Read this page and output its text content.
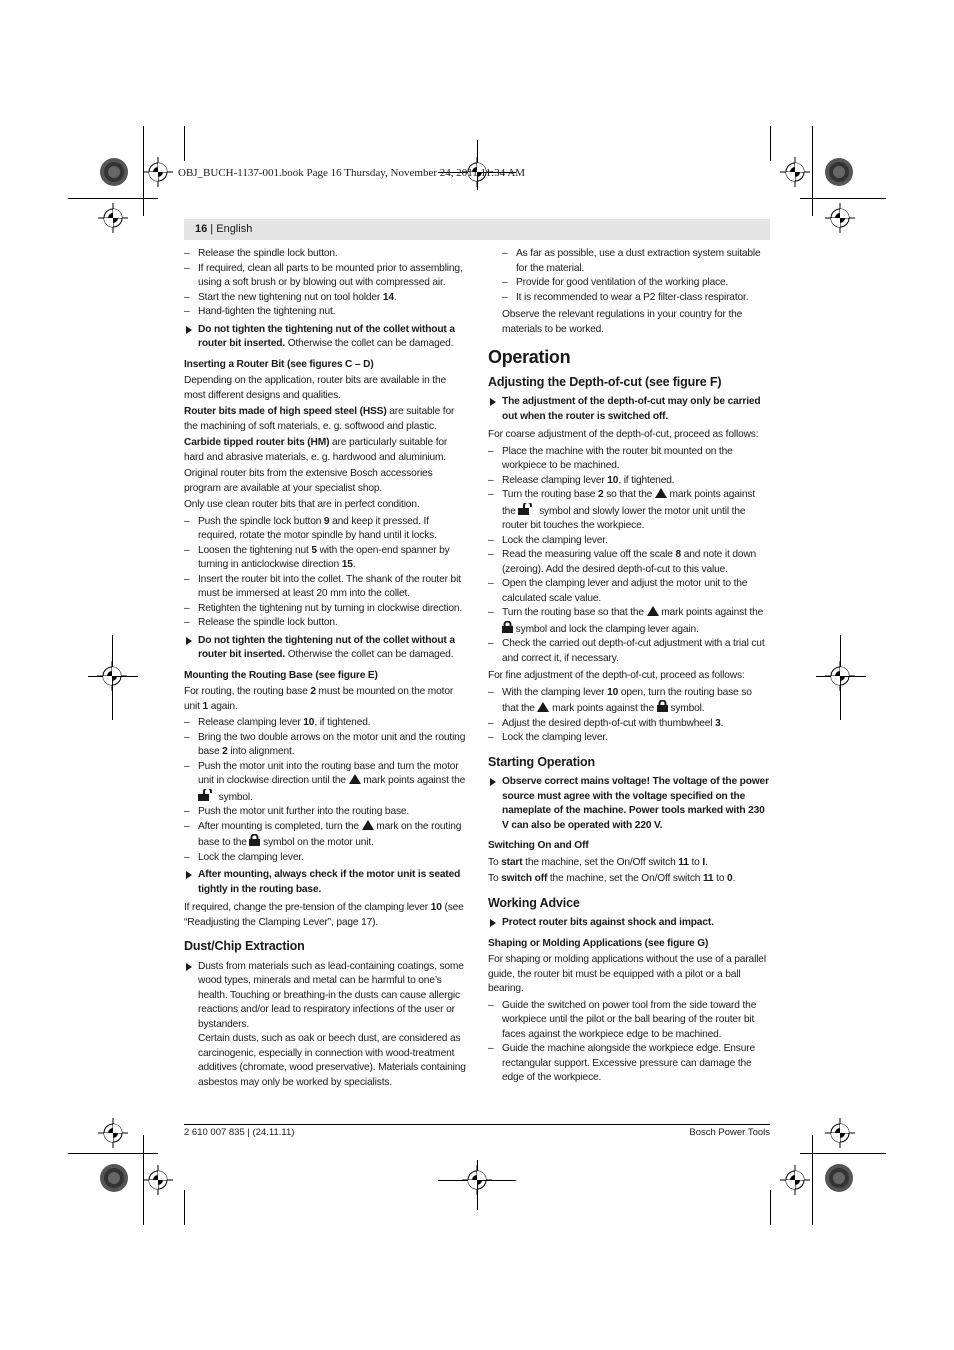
OBJ_BUCH-1137-001.book Page 16 Thursday, November 24, 2011 11:34 AM
16 | English
– Release the spindle lock button.
– If required, clean all parts to be mounted prior to assembling, using a soft brush or by blowing out with compressed air.
– Start the new tightening nut on tool holder 14.
– Hand-tighten the tightening nut.
Do not tighten the tightening nut of the collet without a router bit inserted. Otherwise the collet can be damaged.
Inserting a Router Bit (see figures C – D)

Depending on the application, router bits are available in the most different designs and qualities.

Router bits made of high speed steel (HSS) are suitable for the machining of soft materials, e. g. softwood and plastic.

Carbide tipped router bits (HM) are particularly suitable for hard and abrasive materials, e. g. hardwood and aluminium.

Original router bits from the extensive Bosch accessories program are available at your specialist shop.

Only use clean router bits that are in perfect condition.

– Push the spindle lock button 9 and keep it pressed. If required, rotate the motor spindle by hand until it locks.
– Loosen the tightening nut 5 with the open-end spanner by turning in anticlockwise direction 15.
– Insert the router bit into the collet. The shank of the router bit must be immersed at least 20 mm into the collet.
– Retighten the tightening nut by turning in clockwise direction.
– Release the spindle lock button.
Do not tighten the tightening nut of the collet without a router bit inserted. Otherwise the collet can be damaged.
Mounting the Routing Base (see figure E)

For routing, the routing base 2 must be mounted on the motor unit 1 again.

– Release clamping lever 10, if tightened.
– Bring the two double arrows on the motor unit and the routing base 2 into alignment.
– Push the motor unit into the routing base and turn the motor unit in clockwise direction until the  mark points against the  symbol.
– Push the motor unit further into the routing base.
– After mounting is completed, turn the  mark on the routing base to the  symbol on the motor unit.
– Lock the clamping lever.
After mounting, always check if the motor unit is seated tightly in the routing base.

If required, change the pre-tension of the clamping lever 10 (see “Readjusting the Clamping Lever”, page 17).

Dust/Chip Extraction
Dusts from materials such as lead-containing coatings, some wood types, minerals and metal can be harmful to one’s health. Touching or breathing-in the dusts can cause allergic reactions and/or lead to respiratory infections of the user or bystanders.

Certain dusts, such as oak or beech dust, are considered as carcinogenic, especially in connection with wood-treatment additives (chromate, wood preservative). Materials containing asbestos may only be worked by specialists.

– As far as possible, use a dust extraction system suitable for the material.
– Provide for good ventilation of the working place.
– It is recommended to wear a P2 filter-class respirator.

Observe the relevant regulations in your country for the materials to be worked.

Operation
Adjusting the Depth-of-cut (see figure F)
The adjustment of the depth-of-cut may only be carried out when the router is switched off.

For coarse adjustment of the depth-of-cut, proceed as follows:

– Place the machine with the router bit mounted on the workpiece to be machined.
– Release clamping lever 10, if tightened.
– Turn the routing base 2 so that the  mark points against the  symbol and slowly lower the motor unit until the router bit touches the workpiece.
– Lock the clamping lever.
– Read the measuring value off the scale 8 and note it down (zeroing). Add the desired depth-of-cut to this value.
– Open the clamping lever and adjust the motor unit to the calculated scale value.
– Turn the routing base so that the  mark points against the  symbol and lock the clamping lever again.
– Check the carried out depth-of-cut adjustment with a trial cut and correct it, if necessary.

For fine adjustment of the depth-of-cut, proceed as follows:

– With the clamping lever 10 open, turn the routing base so that the  mark points against the  symbol.
– Adjust the desired depth-of-cut with thumbwheel 3.
– Lock the clamping lever.
Starting Operation
Observe correct mains voltage! The voltage of the power source must agree with the voltage specified on the nameplate of the machine. Power tools marked with 230 V can also be operated with 220 V.
Switching On and Off

To start the machine, set the On/Off switch 11 to I.

To switch off the machine, set the On/Off switch 11 to 0.

Working Advice
Protect router bits against shock and impact.
Shaping or Molding Applications (see figure G)

For shaping or molding applications without the use of a parallel guide, the router bit must be equipped with a pilot or a ball bearing.

– Guide the switched on power tool from the side toward the workpiece until the pilot or the ball bearing of the router bit faces against the workpiece edge to be machined.
– Guide the machine alongside the workpiece edge. Ensure rectangular support. Excessive pressure can damage the edge of the workpiece.
2 610 007 835 | (24.11.11)	Bosch Power Tools
